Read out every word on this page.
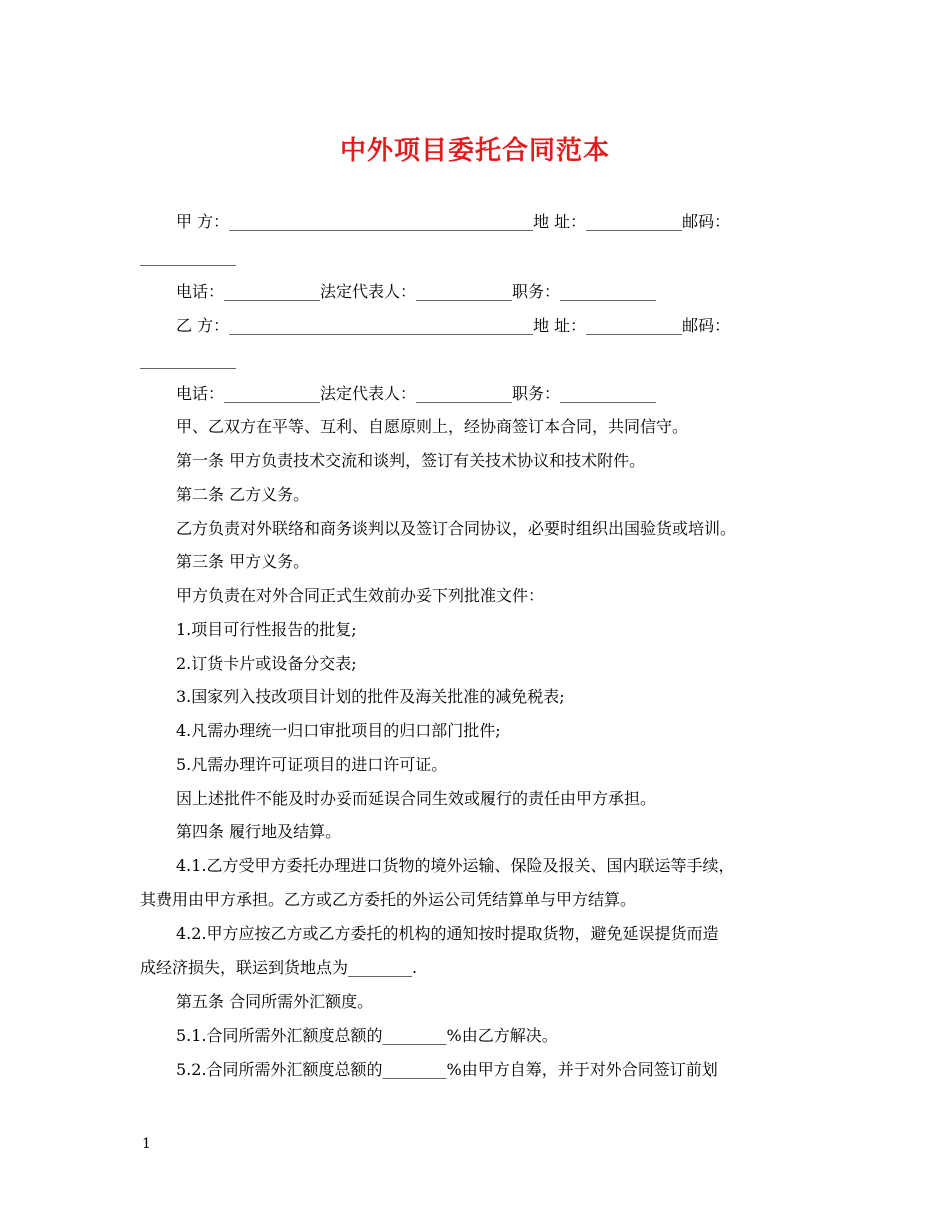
中外项目委托合同范本
甲 方：______________________________________地 址：____________邮码：
____________
电话：____________法定代表人：____________职务：____________
乙 方：______________________________________地 址：____________邮码：
____________
电话：____________法定代表人：____________职务：____________
甲、乙双方在平等、互利、自愿原则上，经协商签订本合同，共同信守。
第一条 甲方负责技术交流和谈判，签订有关技术协议和技术附件。
第二条 乙方义务。
乙方负责对外联络和商务谈判以及签订合同协议，必要时组织出国验货或培训。
第三条 甲方义务。
甲方负责在对外合同正式生效前办妥下列批准文件：
1.项目可行性报告的批复;
2.订货卡片或设备分交表;
3.国家列入技改项目计划的批件及海关批准的减免税表;
4.凡需办理统一归口审批项目的归口部门批件;
5.凡需办理许可证项目的进口许可证。
因上述批件不能及时办妥而延误合同生效或履行的责任由甲方承担。
第四条 履行地及结算。
4.1.乙方受甲方委托办理进口货物的境外运输、保险及报关、国内联运等手续，
其费用由甲方承担。乙方或乙方委托的外运公司凭结算单与甲方结算。
4.2.甲方应按乙方或乙方委托的机构的通知按时提取货物，避免延误提货而造
成经济损失，联运到货地点为________.
第五条 合同所需外汇额度。
5.1.合同所需外汇额度总额的________%由乙方解决。
5.2.合同所需外汇额度总额的________%由甲方自筹，并于对外合同签订前划
1
